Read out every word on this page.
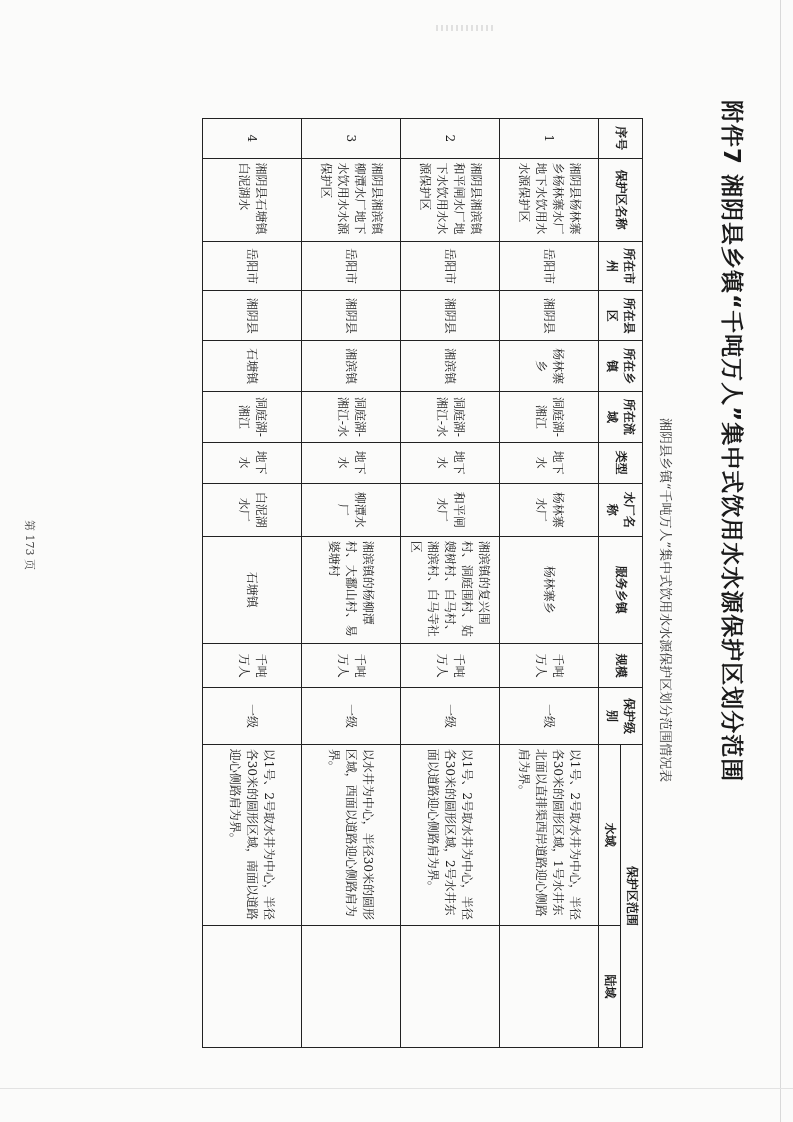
附件7 湘阴县乡镇“千吨万人”集中式饮用水水源保护区划分范围
湘阴县乡镇“千吨万人”集中式饮用水水源保护区划分范围情况表
序号	保护区名称	所在市州	所在县区	所在乡镇	所在流域	类型	水厂名称	服务乡镇	规模	保护级别	保护区范围	
											水域	陆域
1	湘阴县杨林寨乡杨林寨水厂地下水饮用水水源保护区	岳阳市	湘阴县	杨林寨乡	洞庭湖-湘江	地下水	杨林寨水厂	杨林寨乡	千吨万人	一级	以1号、2号取水井为中心，半径各30米的圆形区域，1号水井东北面以直排渠西岸道路迎心侧路肩为界。	
2	湘阴县湘滨镇和平闸水厂地下水饮用水水源保护区	岳阳市	湘阴县	湘滨镇	洞庭湖-湘江-水	地下水	和平闸水厂	湘滨镇的复兴围村、洞庭围村、姑嫂树村、白马村、湘滨村、白马寺社区	千吨万人	一级	以1号、2号取水井为中心，半径各30米的圆形区域，2号水井东面以道路迎心侧路肩为界。	
3	湘阴县湘滨镇柳潭水厂地下水饮用水水源保护区	岳阳市	湘阴县	湘滨镇	洞庭湖-湘江-水	地下水	柳潭水厂	湘滨镇的杨柳潭村、大鄱山村、易婆塘村	千吨万人	一级	以水井为中心，半径30米的圆形区域，西面以道路迎心侧路肩为界。	
4	湘阴县石塘镇白泥湖水	岳阳市	湘阴县	石塘镇	洞庭湖-湘江	地下水	白泥湖水厂	石塘镇	千吨万人	一级	以1号、2号取水井为中心，半径各30米的圆形区域，南面以道路迎心侧路肩为界。	
第 173 页
